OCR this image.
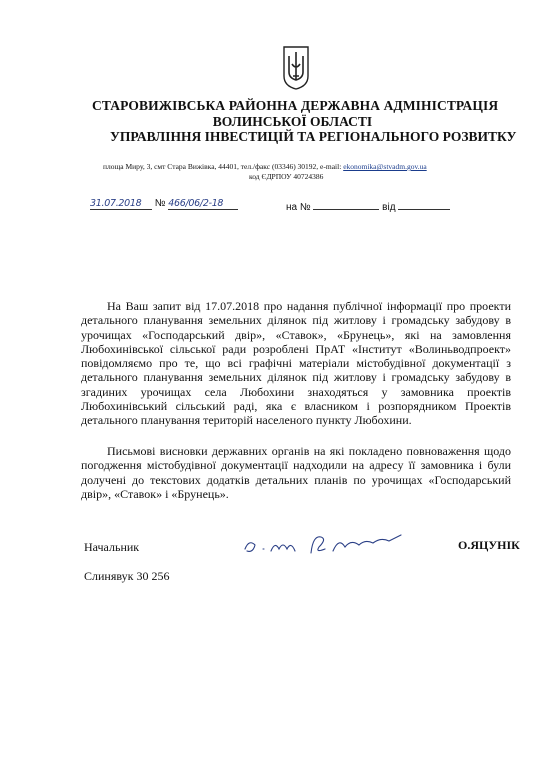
СТАРОВИЖІВСЬКА РАЙОННА ДЕРЖАВНА АДМІНІСТРАЦІЯ
ВОЛИНСЬКОЇ ОБЛАСТІ
УПРАВЛІННЯ ІНВЕСТИЦІЙ ТА РЕГІОНАЛЬНОГО РОЗВИТКУ
площа Миру, 3, смт Стара Вижівка, 44401, тел./факс (03346) 30192, e-mail: ekonomika@stvadm.gov.ua
код ЄДРПОУ 40724386
31.07.2018 № 466/06/2-18	на №	від
На Ваш запит від 17.07.2018 про надання публічної інформації про проекти детального планування земельних ділянок під житлову і громадську забудову в урочищах «Господарський двір», «Ставок», «Брунець», які на замовлення Любохинівської сільської ради розроблені ПрАТ «Інститут «Волиньводпроект» повідомляємо про те, що всі графічні матеріали містобудівної документації з детального планування земельних ділянок під житлову і громадську забудову в згадиних урочищах села Любохини знаходяться у замовника проектів Любохинівський сільський раді, яка є власником і розпорядником Проектів детального планування територій населеного пункту Любохини.
Письмові висновки державних органів на які покладено повноваження щодо погодження містобудівної документації надходили на адресу її замовника і були долучені до текстових додатків детальних планів по урочищах «Господарський двір», «Ставок» і «Брунець».
Начальник	О.ЯЦУНІК
Слинявук 30 256
